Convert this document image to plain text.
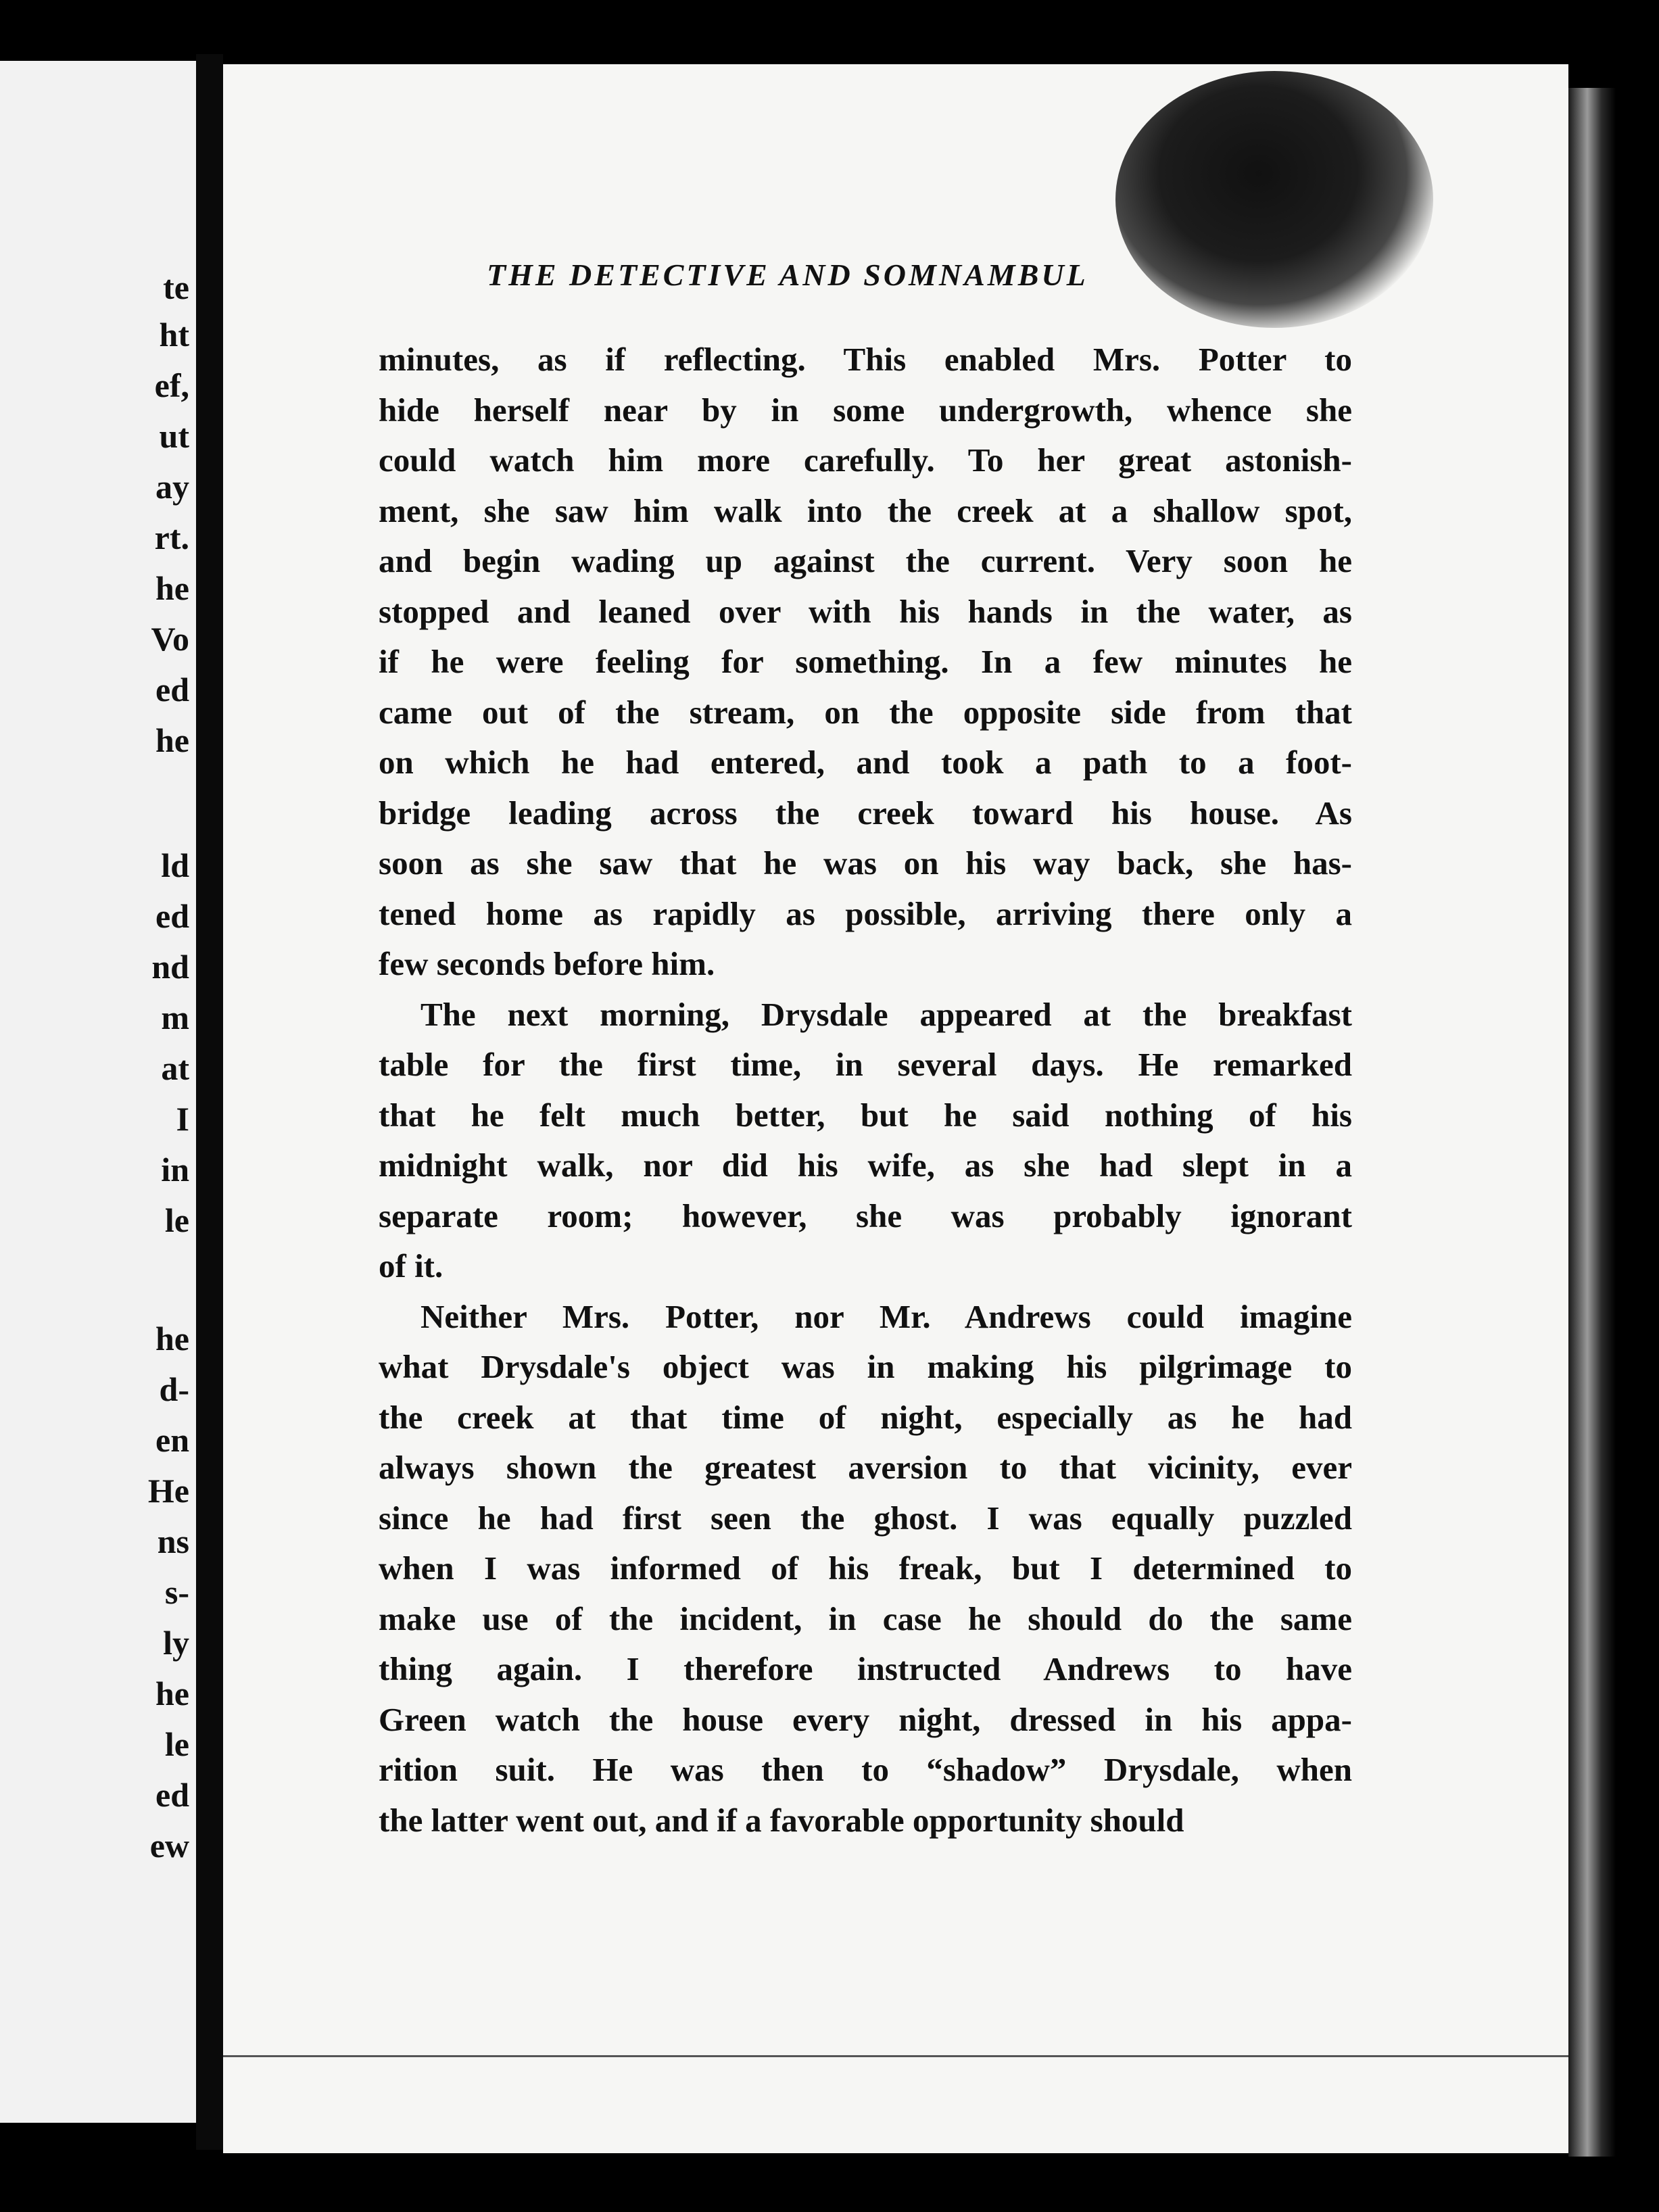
te
ht
ef,
ut
ay
rt.
he
Vo
ed
he
ld
ed
nd
m
at
I
in
le
he
d-
en
He
ns
s-
ly
he
le
ed
ew
THE DETECTIVE AND SOMNAMBUL

minutes, as if reflecting. This enabled Mrs. Potter to
hide herself near by in some undergrowth, whence she
could watch him more carefully. To her great astonish-
ment, she saw him walk into the creek at a shallow spot,
and begin wading up against the current. Very soon he
stopped and leaned over with his hands in the water, as
if he were feeling for something. In a few minutes he
came out of the stream, on the opposite side from that
on which he had entered, and took a path to a foot-
bridge leading across the creek toward his house. As
soon as she saw that he was on his way back, she has-
tened home as rapidly as possible, arriving there only a
few seconds before him.

The next morning, Drysdale appeared at the breakfast
table for the first time, in several days. He remarked
that he felt much better, but he said nothing of his
midnight walk, nor did his wife, as she had slept in a
separate room; however, she was probably ignorant
of it.

Neither Mrs. Potter, nor Mr. Andrews could imagine
what Drysdale's object was in making his pilgrimage to
the creek at that time of night, especially as he had
always shown the greatest aversion to that vicinity, ever
since he had first seen the ghost. I was equally puzzled
when I was informed of his freak, but I determined to
make use of the incident, in case he should do the same
thing again. I therefore instructed Andrews to have
Green watch the house every night, dressed in his appa-
rition suit. He was then to “shadow” Drysdale, when
the latter went out, and if a favorable opportunity should
